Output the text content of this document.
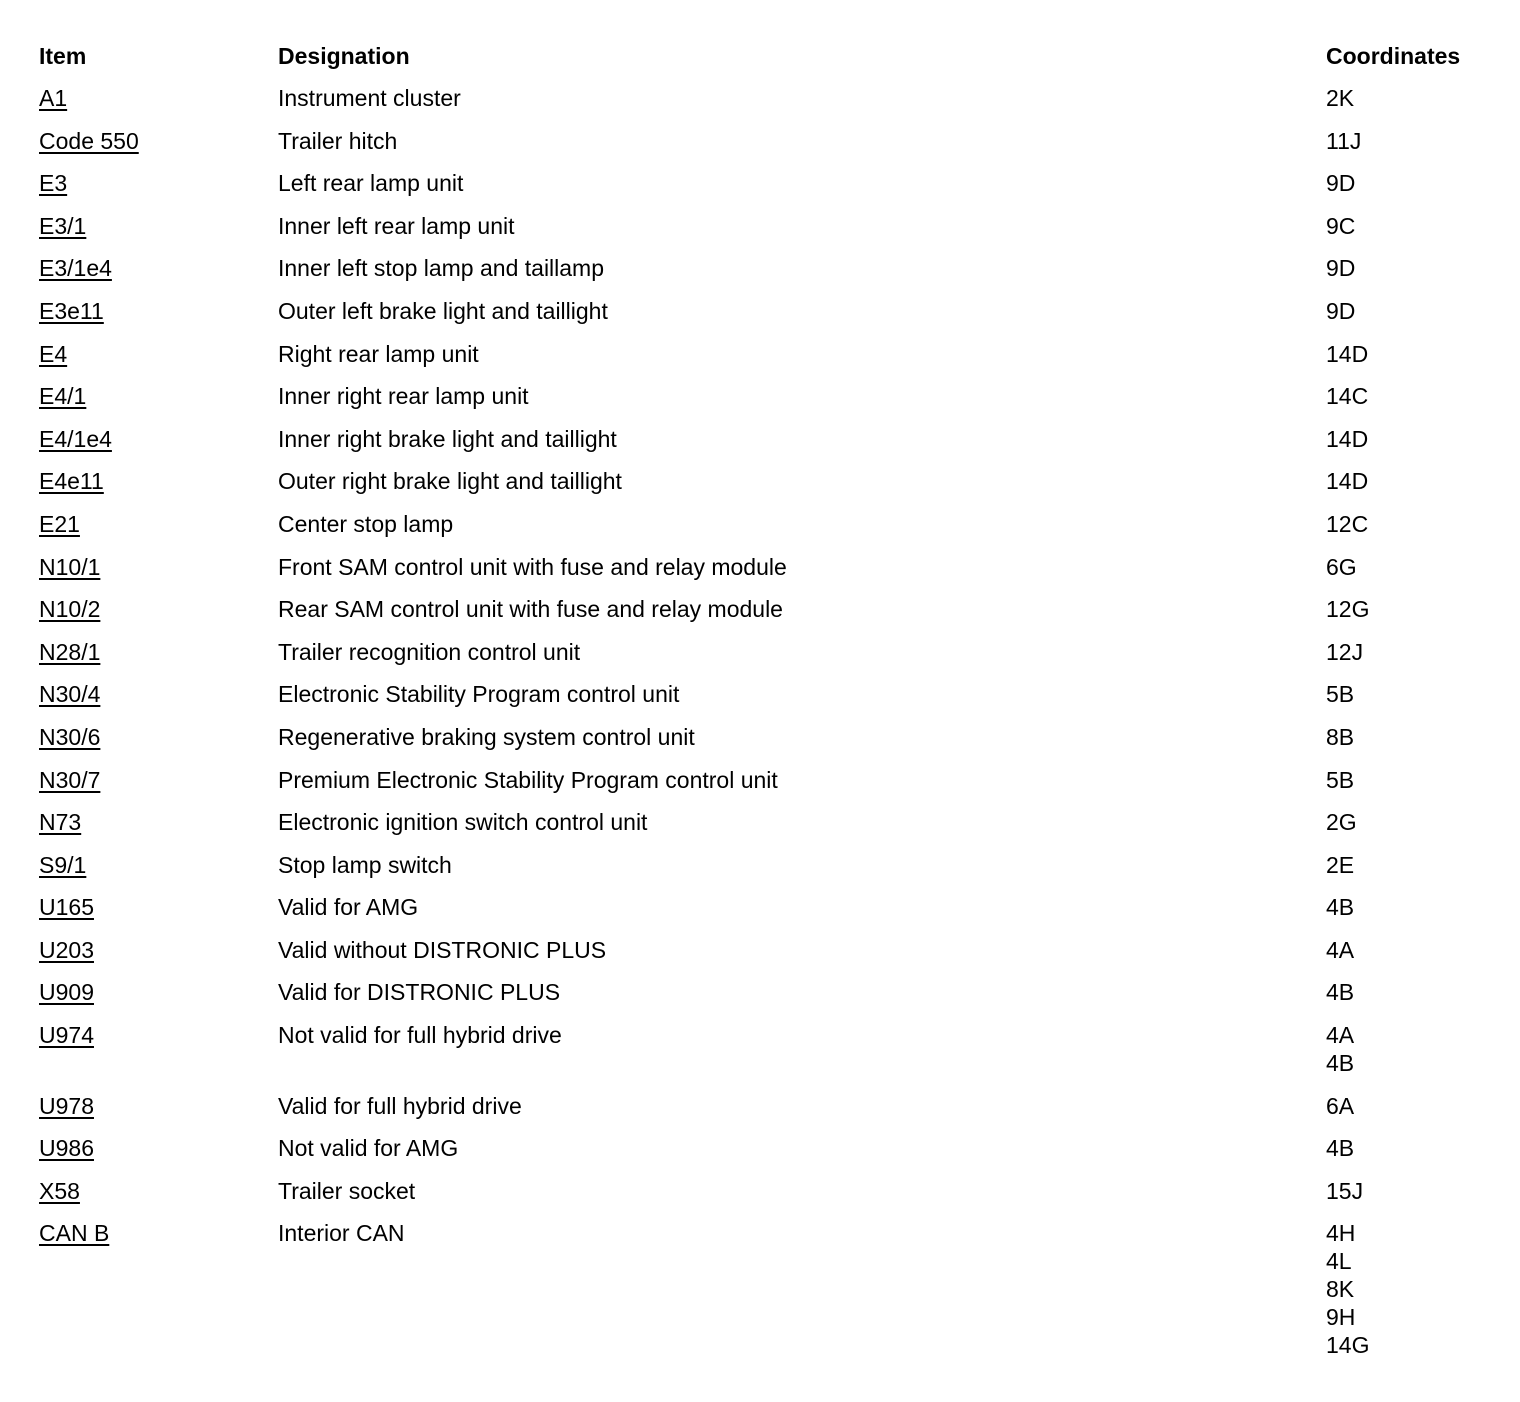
Item	Designation	Coordinates
A1	Instrument cluster	2K
Code 550	Trailer hitch	11J
E3	Left rear lamp unit	9D
E3/1	Inner left rear lamp unit	9C
E3/1e4	Inner left stop lamp and taillamp	9D
E3e11	Outer left brake light and taillight	9D
E4	Right rear lamp unit	14D
E4/1	Inner right rear lamp unit	14C
E4/1e4	Inner right brake light and taillight	14D
E4e11	Outer right brake light and taillight	14D
E21	Center stop lamp	12C
N10/1	Front SAM control unit with fuse and relay module	6G
N10/2	Rear SAM control unit with fuse and relay module	12G
N28/1	Trailer recognition control unit	12J
N30/4	Electronic Stability Program control unit	5B
N30/6	Regenerative braking system control unit	8B
N30/7	Premium Electronic Stability Program control unit	5B
N73	Electronic ignition switch control unit	2G
S9/1	Stop lamp switch	2E
U165	Valid for AMG	4B
U203	Valid without DISTRONIC PLUS	4A
U909	Valid for DISTRONIC PLUS	4B
U974	Not valid for full hybrid drive	4A
4B
U978	Valid for full hybrid drive	6A
U986	Not valid for AMG	4B
X58	Trailer socket	15J
CAN B	Interior CAN	4H
4L
8K
9H
14G
